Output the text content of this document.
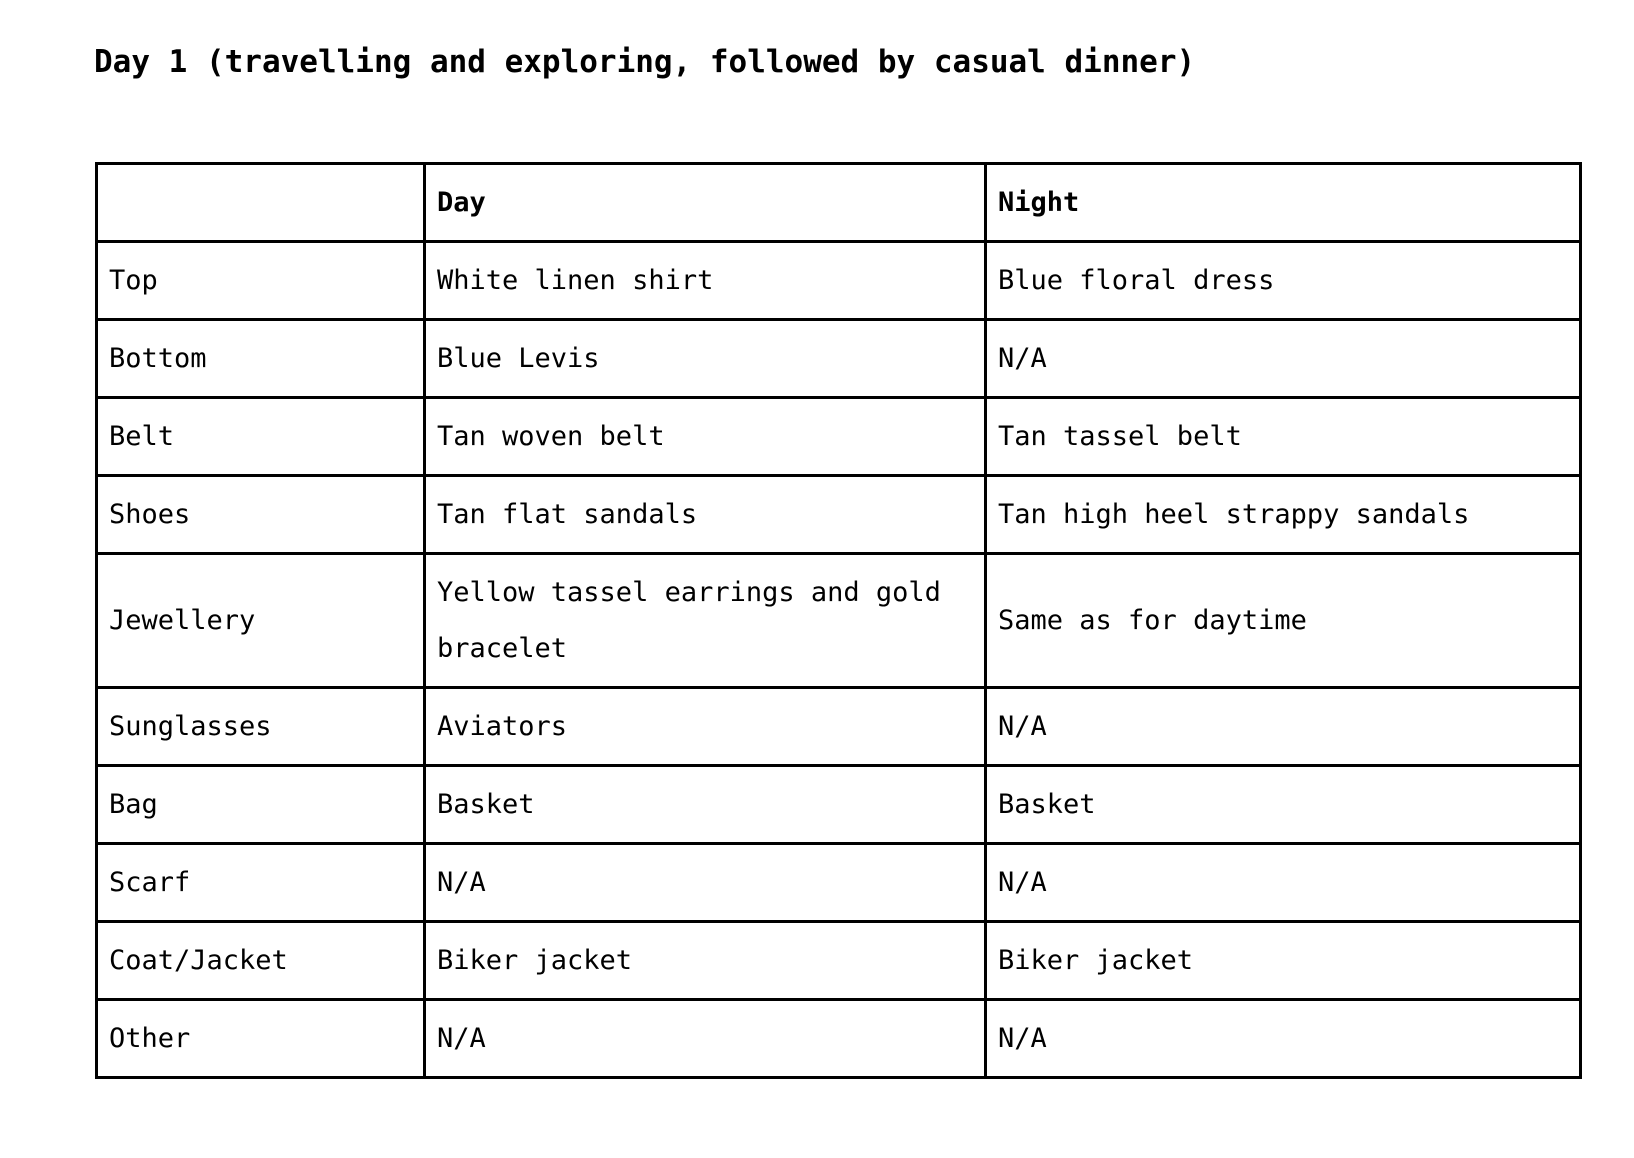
Day 1 (travelling and exploring, followed by casual dinner)
	Day	Night
Top	White linen shirt	Blue floral dress
Bottom	Blue Levis	N/A
Belt	Tan woven belt	Tan tassel belt
Shoes	Tan flat sandals	Tan high heel strappy sandals
Jewellery	Yellow tassel earrings and gold bracelet	Same as for daytime
Sunglasses	Aviators	N/A
Bag	Basket	Basket
Scarf	N/A	N/A
Coat/Jacket	Biker jacket	Biker jacket
Other	N/A	N/A
